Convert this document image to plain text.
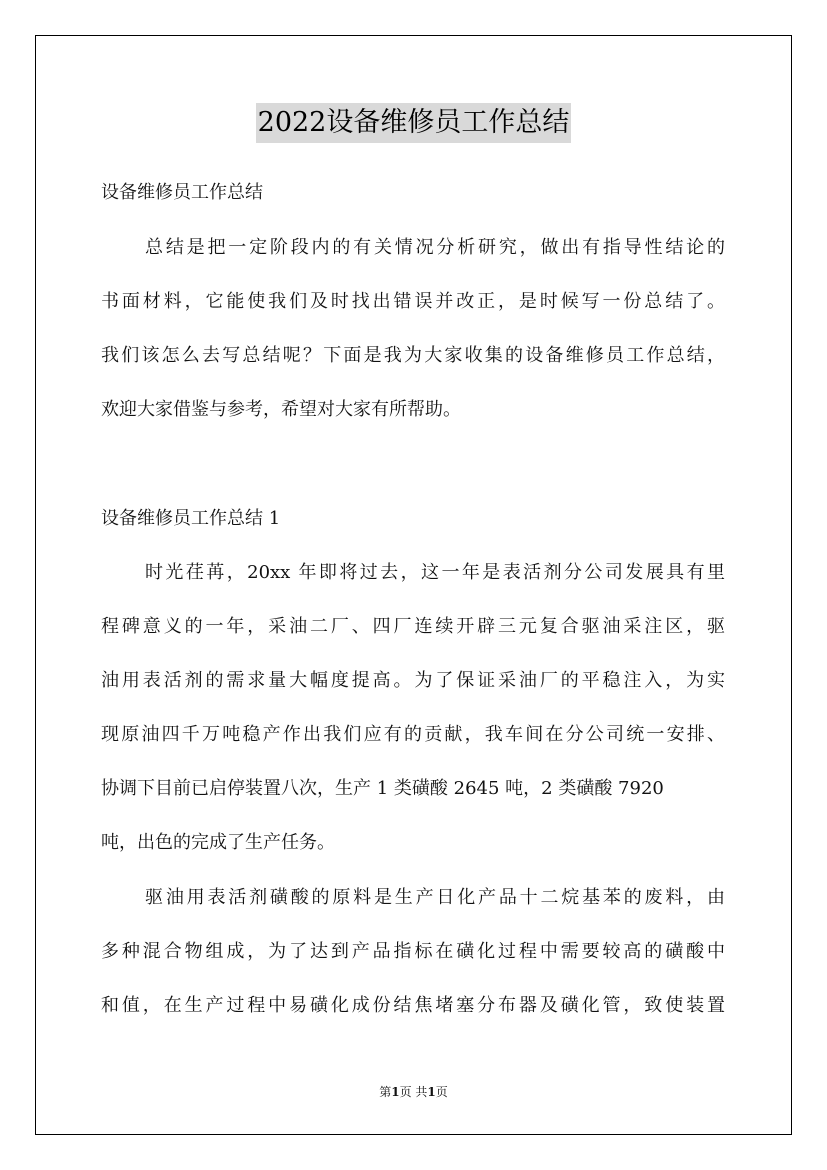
2022设备维修员工作总结
设备维修员工作总结
总结是把一定阶段内的有关情况分析研究，做出有指导性结论的
书面材料，它能使我们及时找出错误并改正，是时候写一份总结了。
我们该怎么去写总结呢？下面是我为大家收集的设备维修员工作总结，
欢迎大家借鉴与参考，希望对大家有所帮助。
设备维修员工作总结 1
时光荏苒，20xx 年即将过去，这一年是表活剂分公司发展具有里
程碑意义的一年，采油二厂、四厂连续开辟三元复合驱油采注区，驱
油用表活剂的需求量大幅度提高。为了保证采油厂的平稳注入，为实
现原油四千万吨稳产作出我们应有的贡献，我车间在分公司统一安排、
协调下目前已启停装置八次，生产 1 类磺酸 2645 吨，2 类磺酸 7920
吨，出色的完成了生产任务。
驱油用表活剂磺酸的原料是生产日化产品十二烷基苯的废料，由
多种混合物组成，为了达到产品指标在磺化过程中需要较高的磺酸中
和值，在生产过程中易磺化成份结焦堵塞分布器及磺化管，致使装置
第1页 共1页
